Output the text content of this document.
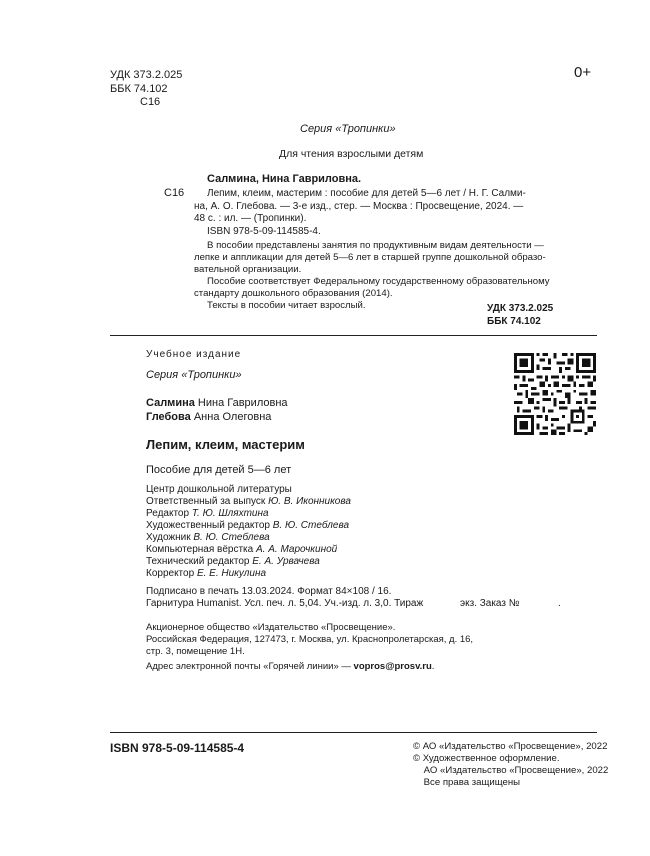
УДК 373.2.025
ББК 74.102
С16
0+
Серия «Тропинки»
Для чтения взрослыми детям
Салмина, Нина Гавриловна.
С16 Лепим, клеим, мастерим : пособие для детей 5—6 лет / Н. Г. Салми-
на, А. О. Глебова. — 3-е изд., стер. — Москва : Просвещение, 2024. —
48 с. : ил. — (Тропинки).
ISBN 978-5-09-114585-4.
В пособии представлены занятия по продуктивным видам деятельности —
лепке и аппликации для детей 5—6 лет в старшей группе дошкольной образо-
вательной организации.
Пособие соответствует Федеральному государственному образовательному
стандарту дошкольного образования (2014).
Тексты в пособии читает взрослый.	УДК 373.2.025
ББК 74.102
Учебное издание
Серия «Тропинки»
Салмина Нина Гавриловна
Глебова Анна Олеговна
Лепим, клеим, мастерим
Пособие для детей 5—6 лет
Центр дошкольной литературы
Ответственный за выпуск Ю. В. Иконникова
Редактор Т. Ю. Шляхтина
Художественный редактор В. Ю. Стеблева
Художник В. Ю. Стеблева
Компьютерная вёрстка А. А. Марочкиной
Технический редактор Е. А. Урвачева
Корректор Е. Е. Никулина
Подписано в печать 13.03.2024. Формат 84×108 / 16.
Гарнитура Humanist. Усл. печ. л. 5,04. Уч.-изд. л. 3,0. Тираж	экз. Заказ №	.
Акционерное общество «Издательство «Просвещение».
Российская Федерация, 127473, г. Москва, ул. Краснопролетарская, д. 16,
стр. 3, помещение 1Н.
Адрес электронной почты «Горячей линии» — vopros@prosv.ru.
ISBN 978-5-09-114585-4	© АО «Издательство «Просвещение», 2022
© Художественное оформление.
АО «Издательство «Просвещение», 2022
Все права защищены
